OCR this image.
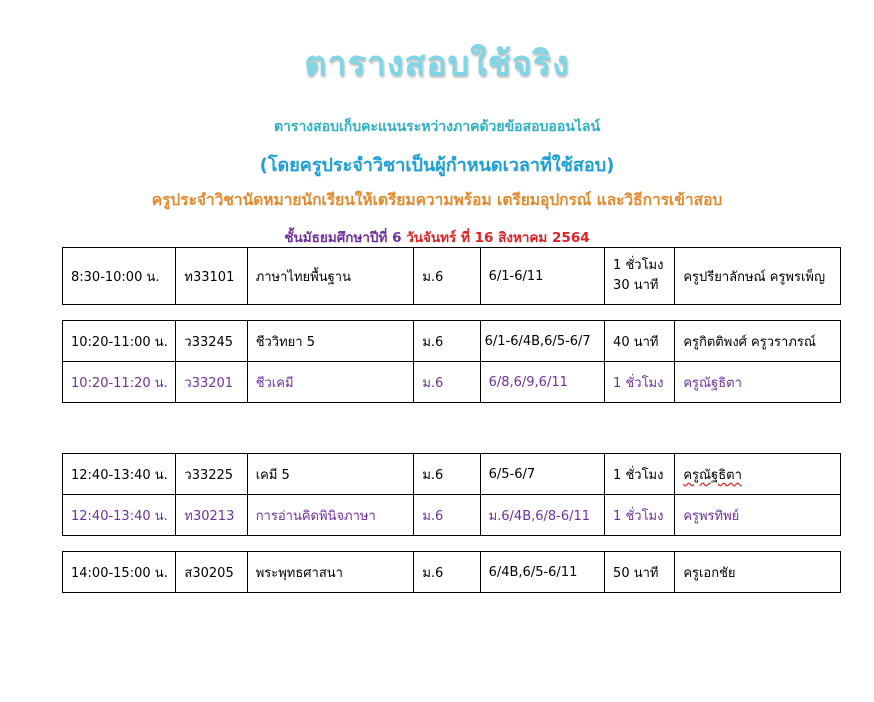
ตารางสอบใช้จริง
ตารางสอบเก็บคะแนนระหว่างภาคด้วยข้อสอบออนไลน์
(โดยครูประจำวิชาเป็นผู้กำหนดเวลาที่ใช้สอบ)
ครูประจำวิชานัดหมายนักเรียนให้เตรียมความพร้อม เตรียมอุปกรณ์ และวิธีการเข้าสอบ
ชั้นมัธยมศึกษาปีที่ 6 วันจันทร์ ที่ 16 สิงหาคม 2564
8:30-10:00 น.	ท33101	ภาษาไทยพื้นฐาน	ม.6	6/1-6/11	1 ชั่วโมง 30 นาที	ครูปรียาลักษณ์ ครูพรเพ็ญ
10:20-11:00 น.	ว33245	ชีววิทยา 5	ม.6	6/1-6/4B,6/5-6/7	40 นาที	ครูกิตติพงศ์ ครูวราภรณ์
10:20-11:20 น.	ว33201	ชีวเคมี	ม.6	6/8,6/9,6/11	1 ชั่วโมง	ครูณัฐธิตา
12:40-13:40 น.	ว33225	เคมี 5	ม.6	6/5-6/7	1 ชั่วโมง	ครูณัฐธิตา
12:40-13:40 น.	ท30213	การอ่านคิดพินิจภาษา	ม.6	ม.6/4B,6/8-6/11	1 ชั่วโมง	ครูพรทิพย์
14:00-15:00 น.	ส30205	พระพุทธศาสนา	ม.6	6/4B,6/5-6/11	50 นาที	ครูเอกชัย
